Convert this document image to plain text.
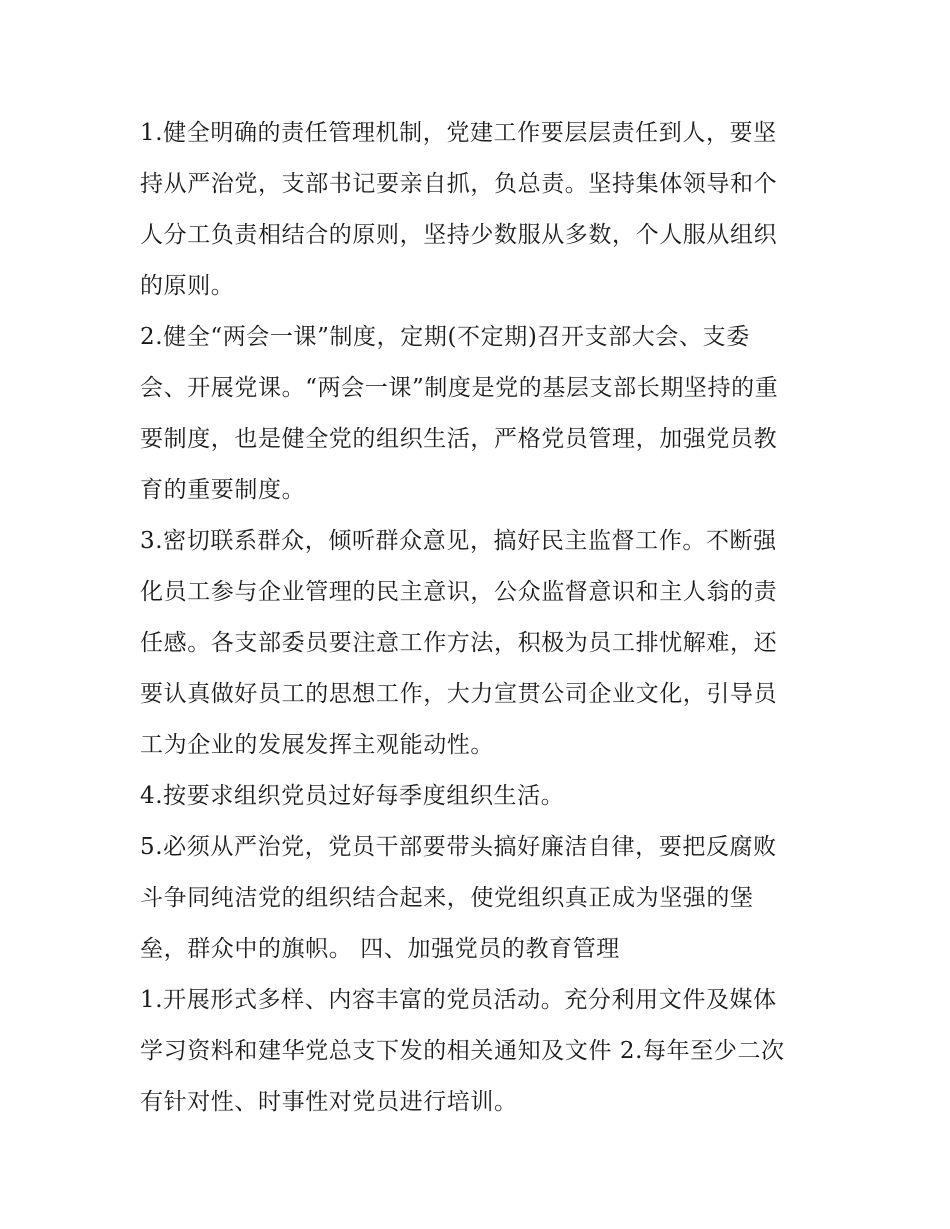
1.健全明确的责任管理机制，党建工作要层层责任到人，要坚
持从严治党，支部书记要亲自抓，负总责。坚持集体领导和个
人分工负责相结合的原则，坚持少数服从多数，个人服从组织
的原则。
2.健全“两会一课”制度，定期(不定期)召开支部大会、支委
会、开展党课。“两会一课”制度是党的基层支部长期坚持的重
要制度，也是健全党的组织生活，严格党员管理，加强党员教
育的重要制度。
3.密切联系群众，倾听群众意见，搞好民主监督工作。不断强
化员工参与企业管理的民主意识，公众监督意识和主人翁的责
任感。各支部委员要注意工作方法，积极为员工排忧解难，还
要认真做好员工的思想工作，大力宣贯公司企业文化，引导员
工为企业的发展发挥主观能动性。
4.按要求组织党员过好每季度组织生活。
5.必须从严治党，党员干部要带头搞好廉洁自律，要把反腐败
斗争同纯洁党的组织结合起来，使党组织真正成为坚强的堡
垒，群众中的旗帜。 四、加强党员的教育管理
1.开展形式多样、内容丰富的党员活动。充分利用文件及媒体
学习资料和建华党总支下发的相关通知及文件 2.每年至少二次
有针对性、时事性对党员进行培训。
